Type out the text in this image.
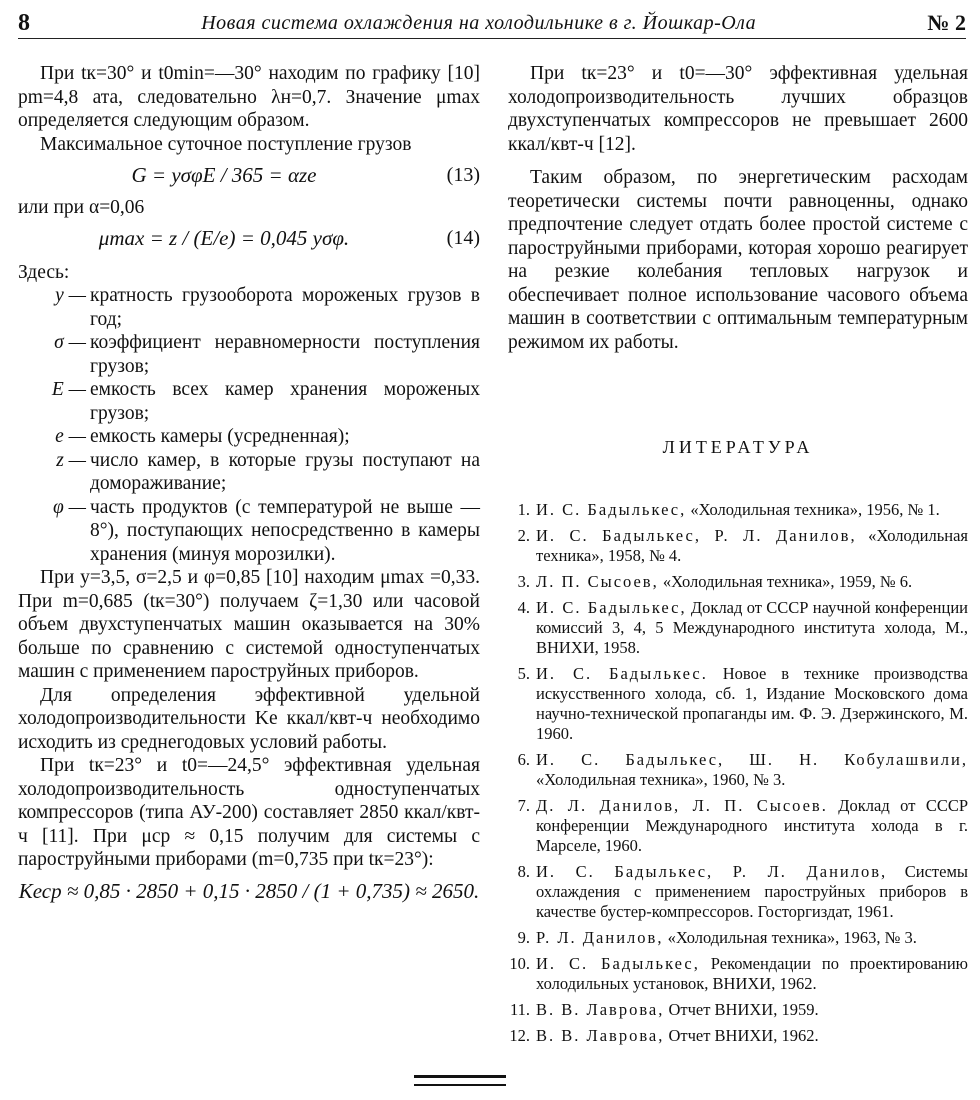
8	Новая система охлаждения на холодильнике в г. Йошкар-Ола	№ 2

При tк=30° и t0min=—30° находим по графику [10] pm=4,8 ата, следовательно λн=0,7. Значение μmax определяется следующим образом.

Максимальное суточное поступление грузов

G = yσφE / 365 = αze	(13)

или при α=0,06

μmax = z / (E/e) = 0,045 yσφ.	(14)
Здесь:
y — кратность грузооборота мороженых грузов в год;
σ — коэффициент неравномерности поступления грузов;
E — емкость всех камер хранения мороженых грузов;
e — емкость камеры (усредненная);
z — число камер, в которые грузы поступают на домораживание;
φ — часть продуктов (с температурой не выше —8°), поступающих непосредственно в камеры хранения (минуя морозилки).

При y=3,5, σ=2,5 и φ=0,85 [10] находим μmax =0,33. При m=0,685 (tк=30°) получаем ζ=1,30 или часовой объем двухступенчатых машин оказывается на 30% больше по сравнению с системой одноступенчатых машин с применением пароструйных приборов.

Для определения эффективной удельной холодопроизводительности Kе ккал/квт-ч необходимо исходить из среднегодовых условий работы.

При tк=23° и t0=—24,5° эффективная удельная холодопроизводительность одноступенчатых компрессоров (типа АУ-200) составляет 2850 ккал/квт-ч [11]. При μср ≈ 0,15 получим для системы с пароструйными приборами (m=0,735 при tк=23°):

Kеср ≈ 0,85 · 2850 + 0,15 · 2850 / (1 + 0,735) ≈ 2650.

При tк=23° и t0=—30° эффективная удельная холодопроизводительность лучших образцов двухступенчатых компрессоров не превышает 2600 ккал/квт-ч [12].

Таким образом, по энергетическим расходам теоретически системы почти равноценны, однако предпочтение следует отдать более простой системе с пароструйными приборами, которая хорошо реагирует на резкие колебания тепловых нагрузок и обеспечивает полное использование часового объема машин в соответствии с оптимальным температурным режимом их работы.

ЛИТЕРАТУРА
1. И. С. Бадылькес, «Холодильная техника», 1956, № 1.
2. И. С. Бадылькес, Р. Л. Данилов, «Холодильная техника», 1958, № 4.
3. Л. П. Сысоев, «Холодильная техника», 1959, № 6.
4. И. С. Бадылькес, Доклад от СССР научной конференции комиссий 3, 4, 5 Международного института холода, М., ВНИХИ, 1958.
5. И. С. Бадылькес. Новое в технике производства искусственного холода, сб. 1, Издание Московского дома научно-технической пропаганды им. Ф. Э. Дзержинского, М. 1960.
6. И. С. Бадылькес, Ш. Н. Кобулашвили, «Холодильная техника», 1960, № 3.
7. Д. Л. Данилов, Л. П. Сысоев. Доклад от СССР конференции Международного института холода в г. Марселе, 1960.
8. И. С. Бадылькес, Р. Л. Данилов, Системы охлаждения с применением пароструйных приборов в качестве бустер-компрессоров. Госторгиздат, 1961.
9. Р. Л. Данилов, «Холодильная техника», 1963, № 3.
10. И. С. Бадылькес, Рекомендации по проектированию холодильных установок, ВНИХИ, 1962.
11. В. В. Лаврова, Отчет ВНИХИ, 1959.
12. В. В. Лаврова, Отчет ВНИХИ, 1962.
